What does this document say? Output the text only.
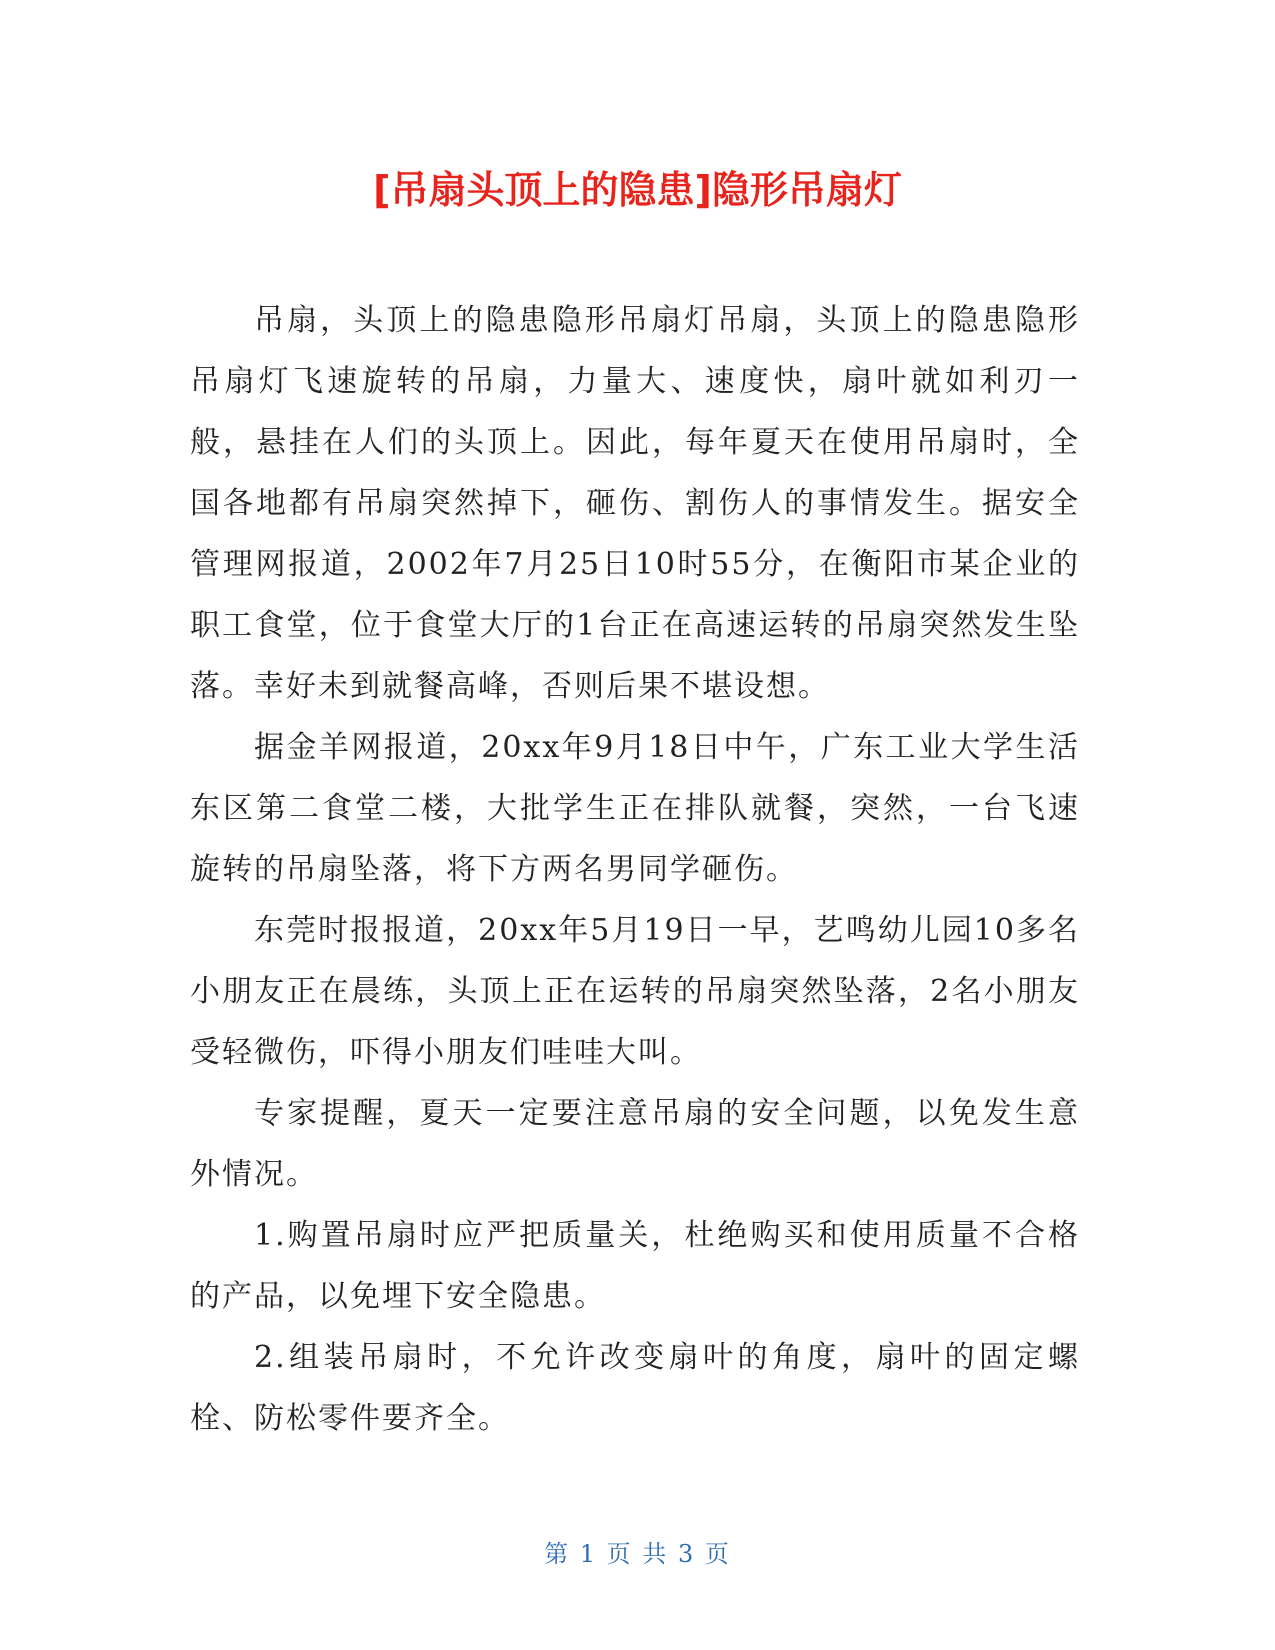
[吊扇头顶上的隐患]隐形吊扇灯

吊扇，头顶上的隐患隐形吊扇灯吊扇，头顶上的隐患隐形吊扇灯飞速旋转的吊扇，力量大、速度快，扇叶就如利刃一般，悬挂在人们的头顶上。因此，每年夏天在使用吊扇时，全国各地都有吊扇突然掉下，砸伤、割伤人的事情发生。据安全管理网报道，2002年7月25日10时55分，在衡阳市某企业的职工食堂，位于食堂大厅的1台正在高速运转的吊扇突然发生坠落。幸好未到就餐高峰，否则后果不堪设想。

据金羊网报道，20xx年9月18日中午，广东工业大学生活东区第二食堂二楼，大批学生正在排队就餐，突然，一台飞速旋转的吊扇坠落，将下方两名男同学砸伤。

东莞时报报道，20xx年5月19日一早，艺鸣幼儿园10多名小朋友正在晨练，头顶上正在运转的吊扇突然坠落，2名小朋友受轻微伤，吓得小朋友们哇哇大叫。

专家提醒，夏天一定要注意吊扇的安全问题，以免发生意外情况。

1.购置吊扇时应严把质量关，杜绝购买和使用质量不合格的产品，以免埋下安全隐患。

2.组装吊扇时，不允许改变扇叶的角度，扇叶的固定螺栓、防松零件要齐全。

第 1 页 共 3 页
